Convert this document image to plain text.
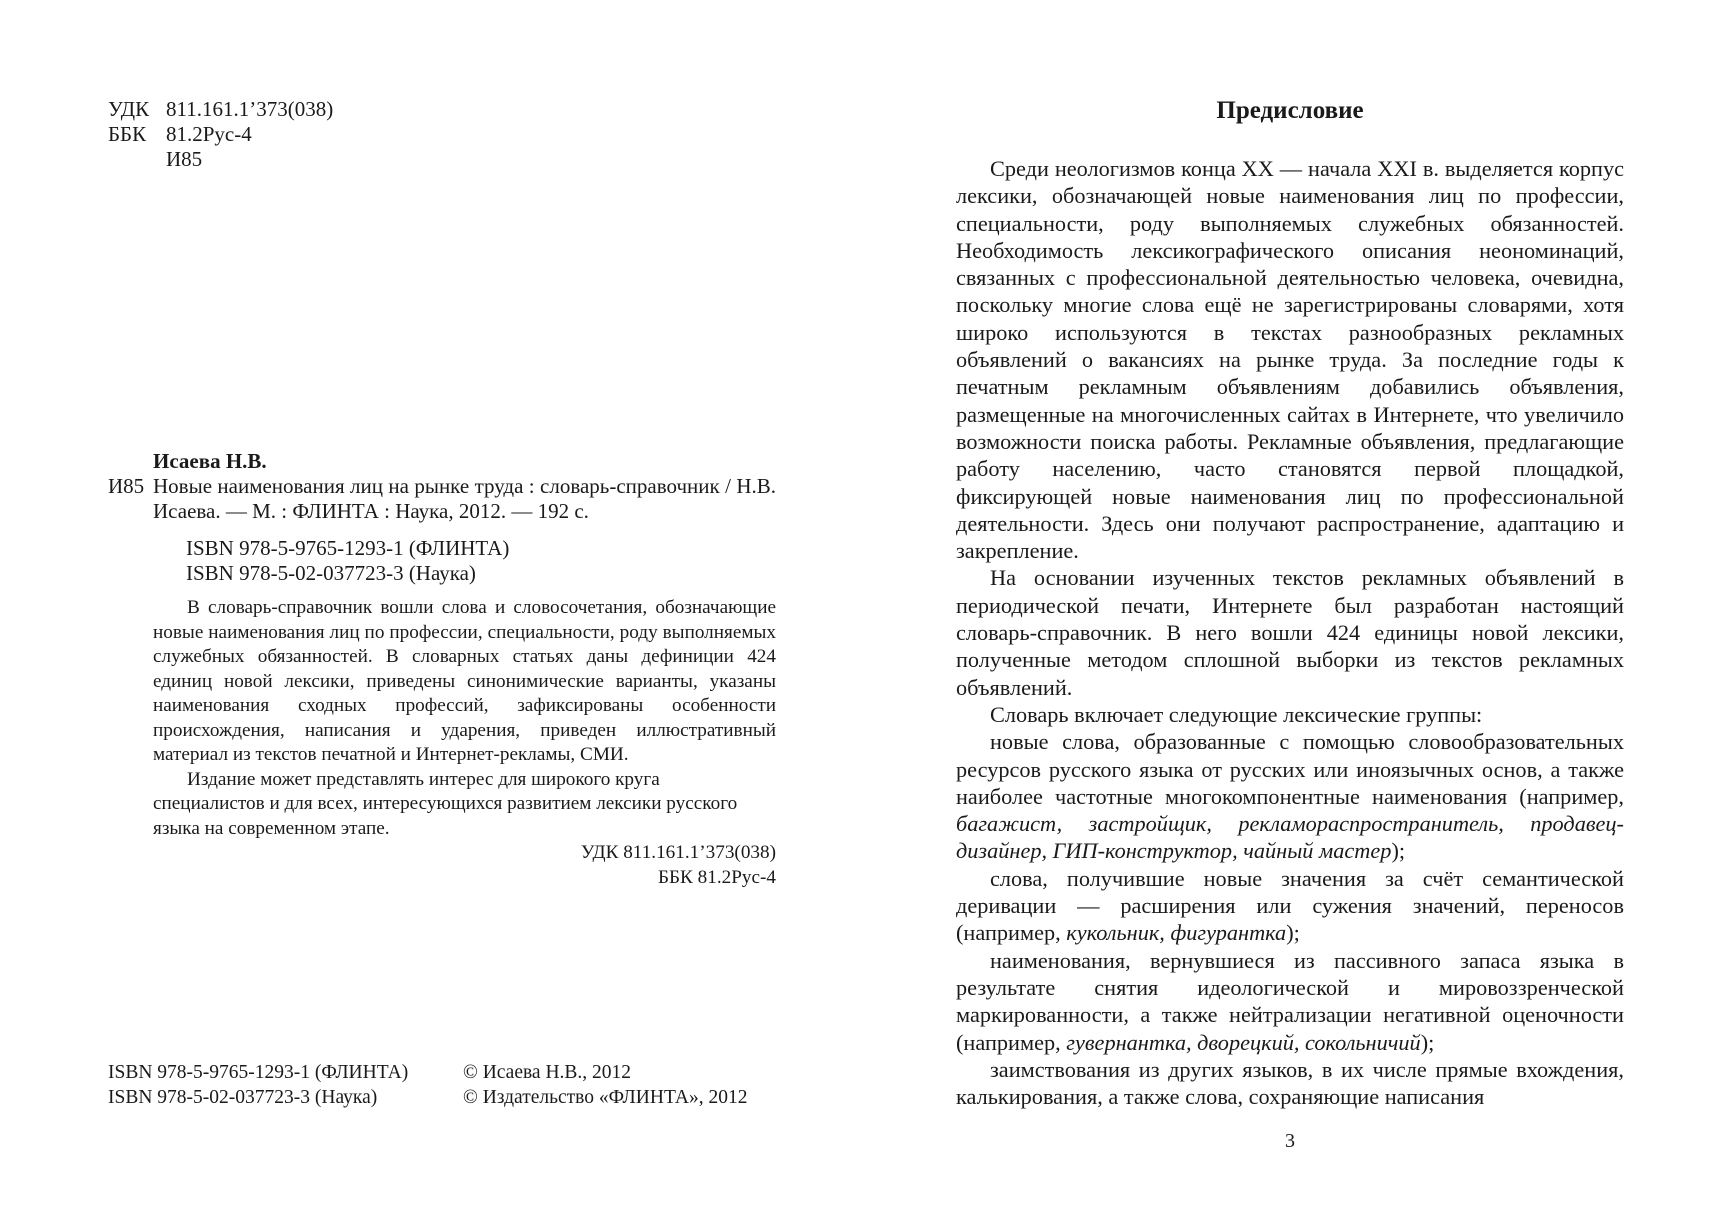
УДК 811.161.1’373(038)
ББК 81.2Рус-4
И85
Исаева Н.В.
И85 Новые наименования лиц на рынке труда : словарь-справочник / Н.В. Исаева. — М. : ФЛИНТА : Наука, 2012. — 192 с.
ISBN 978-5-9765-1293-1 (ФЛИНТА)
ISBN 978-5-02-037723-3 (Наука)

В словарь-справочник вошли слова и словосочетания, обозначающие новые наименования лиц по профессии, специальности, роду выполняемых служебных обязанностей. В словарных статьях даны дефиниции 424 единиц новой лексики, приведены синонимические варианты, указаны наименования сходных профессий, зафиксированы особенности происхождения, написания и ударения, приведен иллюстративный материал из текстов печатной и Интернет-рекламы, СМИ.

Издание может представлять интерес для широкого круга специалистов и для всех, интересующихся развитием лексики русского языка на современном этапе.

УДК 811.161.1’373(038)
ББК 81.2Рус-4
ISBN 978-5-9765-1293-1 (ФЛИНТА)	© Исаева Н.В., 2012
ISBN 978-5-02-037723-3 (Наука)	© Издательство «ФЛИНТА», 2012
Предисловие

Среди неологизмов конца XX — начала XXI в. выделяется корпус лексики, обозначающей новые наименования лиц по профессии, специальности, роду выполняемых служебных обязанностей. Необходимость лексикографического описания неономинаций, связанных с профессиональной деятельностью человека, очевидна, поскольку многие слова ещё не зарегистрированы словарями, хотя широко используются в текстах разнообразных рекламных объявлений о вакансиях на рынке труда. За последние годы к печатным рекламным объявлениям добавились объявления, размещенные на многочисленных сайтах в Интернете, что увеличило возможности поиска работы. Рекламные объявления, предлагающие работу населению, часто становятся первой площадкой, фиксирующей новые наименования лиц по профессиональной деятельности. Здесь они получают распространение, адаптацию и закрепление.

На основании изученных текстов рекламных объявлений в периодической печати, Интернете был разработан настоящий словарь-справочник. В него вошли 424 единицы новой лексики, полученные методом сплошной выборки из текстов рекламных объявлений.

Словарь включает следующие лексические группы:

новые слова, образованные с помощью словообразовательных ресурсов русского языка от русских или иноязычных основ, а также наиболее частотные многокомпонентные наименования (например, багажист, застройщик, рекламораспространитель, продавец-дизайнер, ГИП-конструктор, чайный мастер);

слова, получившие новые значения за счёт семантической деривации — расширения или сужения значений, переносов (например, кукольник, фигурантка);

наименования, вернувшиеся из пассивного запаса языка в результате снятия идеологической и мировоззренческой маркированности, а также нейтрализации негативной оценочности (например, гувернантка, дворецкий, сокольничий);

заимствования из других языков, в их числе прямые вхождения, калькирования, а также слова, сохраняющие написания

3
